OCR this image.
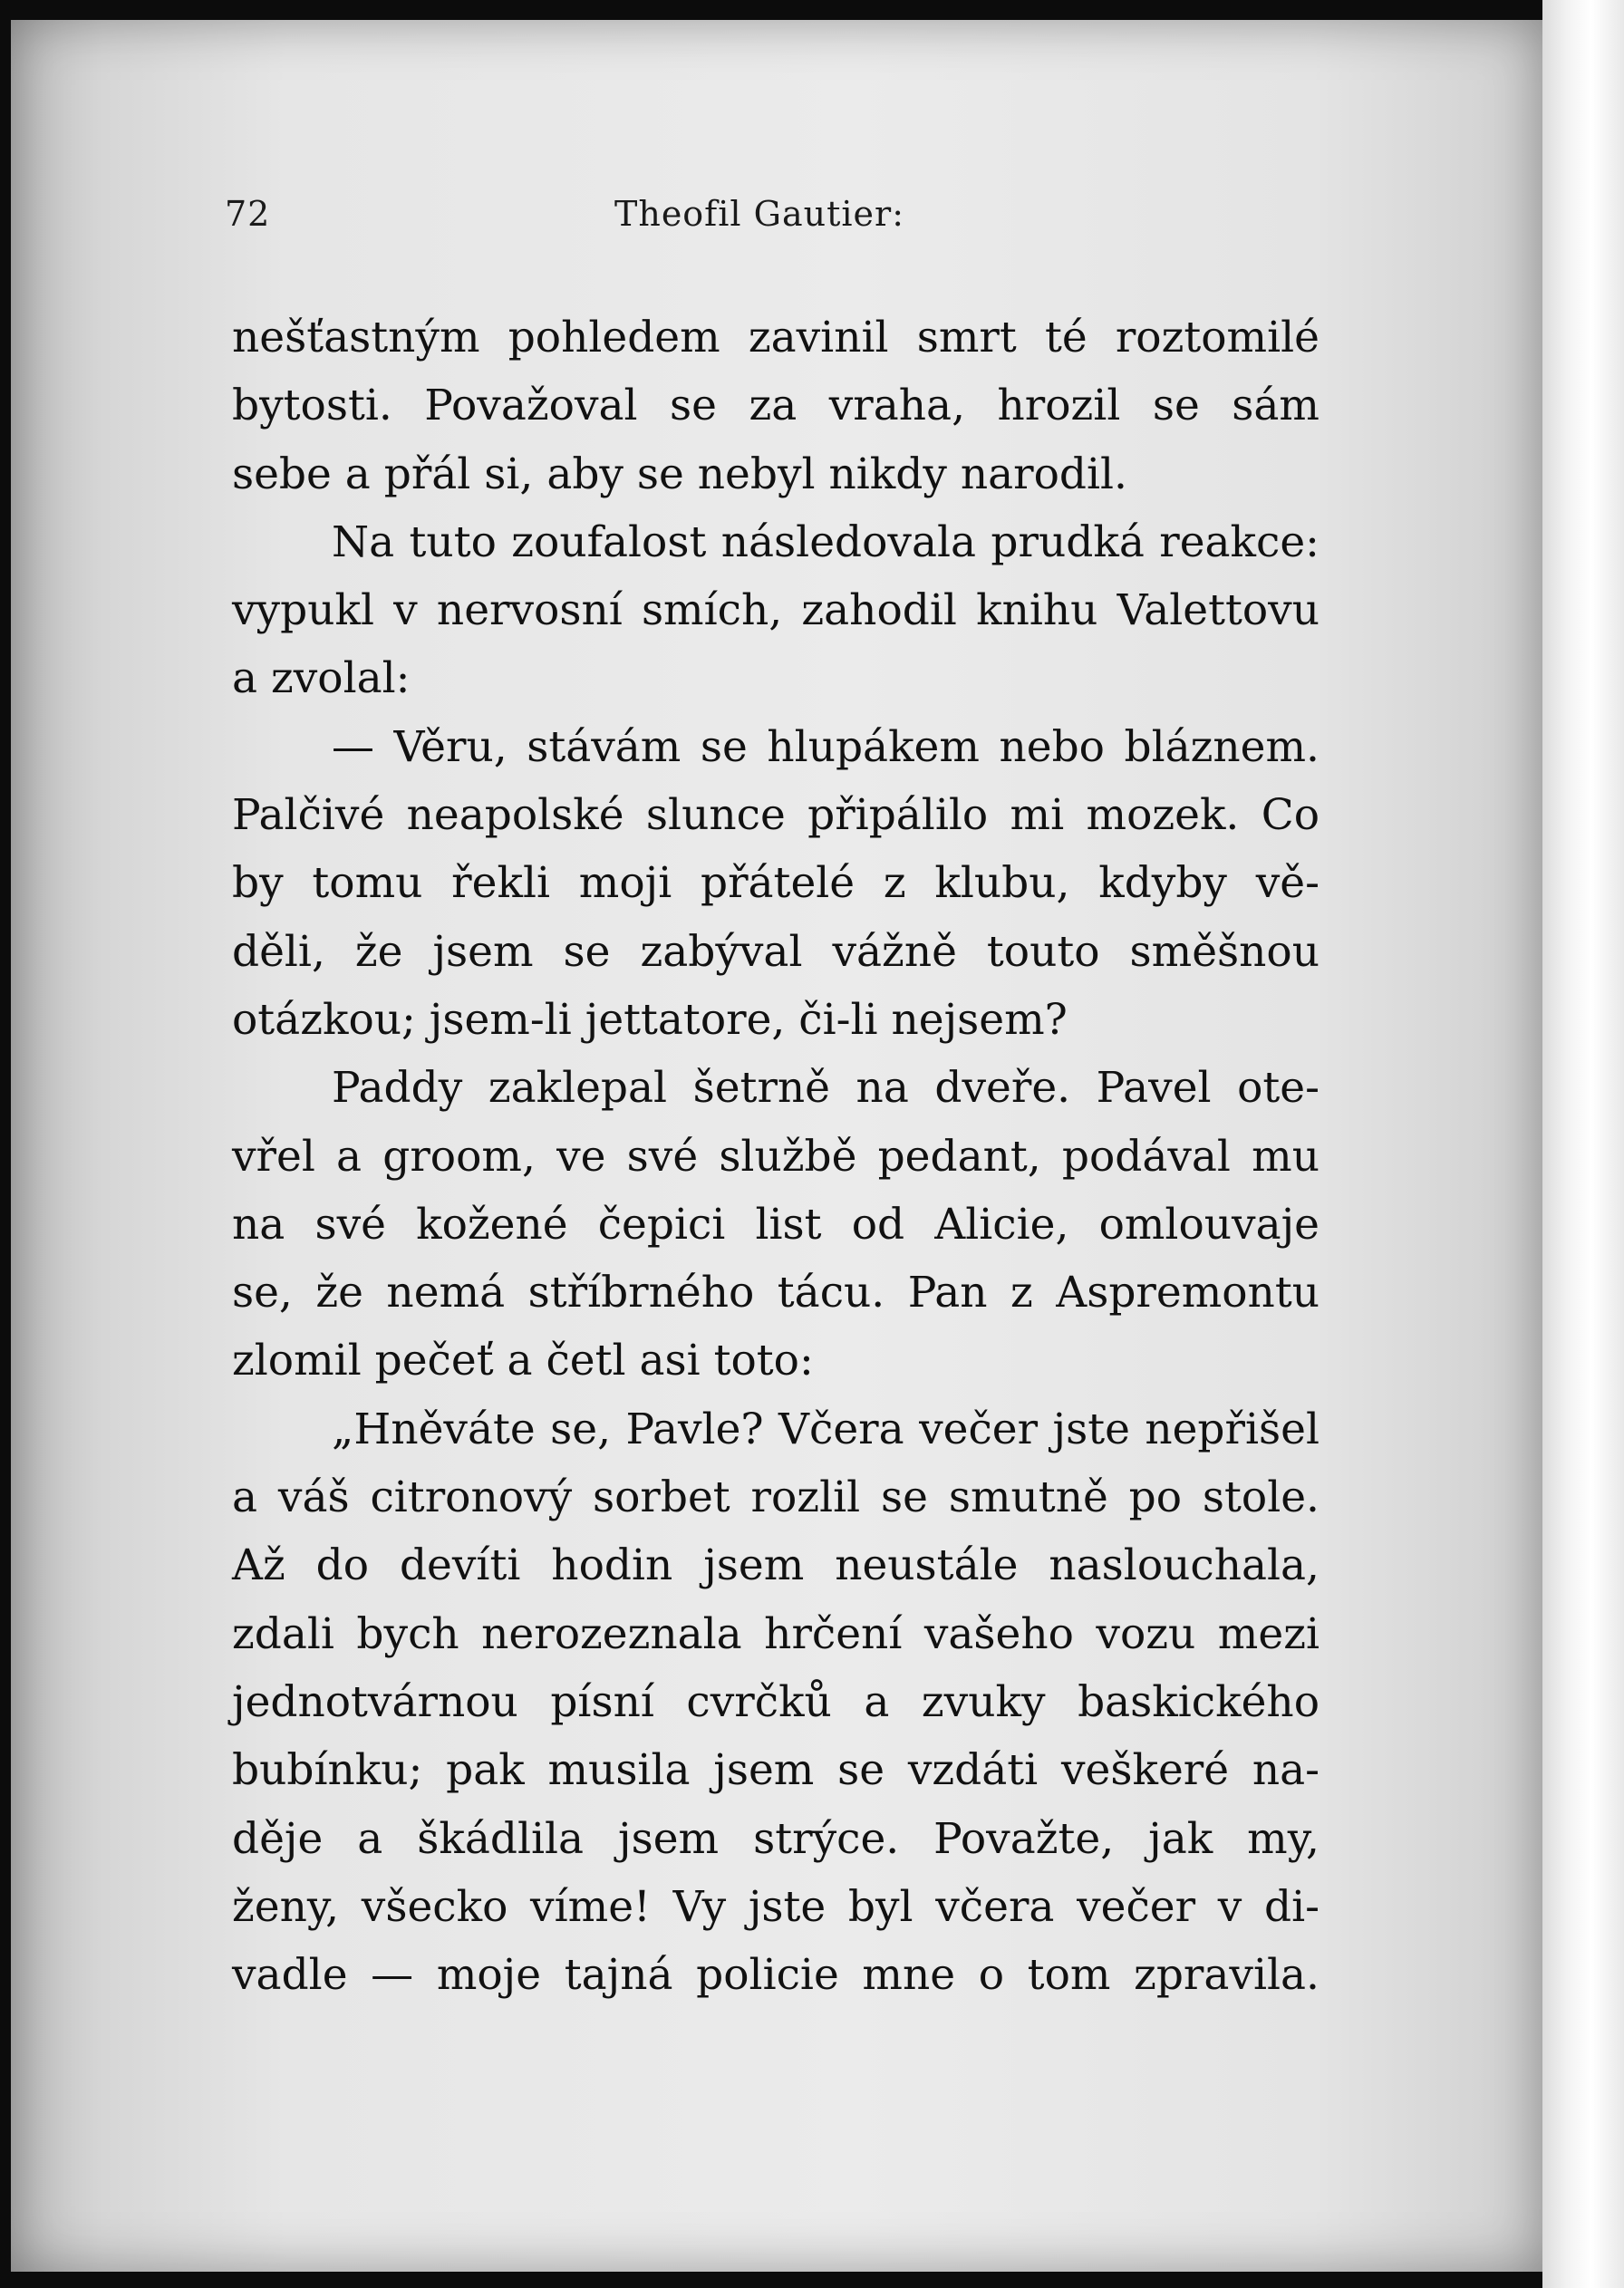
72	Theofil Gautier:
nešťastným pohledem zavinil smrt té roztomilé
bytosti. Považoval se za vraha, hrozil se sám
sebe a přál si, aby se nebyl nikdy narodil.
Na tuto zoufalost následovala prudká reakce:
vypukl v nervosní smích, zahodil knihu Valettovu
a zvolal:
— Věru, stávám se hlupákem nebo bláznem.
Palčivé neapolské slunce připálilo mi mozek. Co
by tomu řekli moji přátelé z klubu, kdyby vě-
děli, že jsem se zabýval vážně touto směšnou
otázkou; jsem-li jettatore, či-li nejsem?
Paddy zaklepal šetrně na dveře. Pavel ote-
vřel a groom, ve své službě pedant, podával mu
na své kožené čepici list od Alicie, omlouvaje
se, že nemá stříbrného tácu. Pan z Aspremontu
zlomil pečeť a četl asi toto:
„Hněváte se, Pavle? Včera večer jste nepřišel
a váš citronový sorbet rozlil se smutně po stole.
Až do devíti hodin jsem neustále naslouchala,
zdali bych nerozeznala hrčení vašeho vozu mezi
jednotvárnou písní cvrčků a zvuky baskického
bubínku; pak musila jsem se vzdáti veškeré na-
děje a škádlila jsem strýce. Považte, jak my,
ženy, všecko víme! Vy jste byl včera večer v di-
vadle — moje tajná policie mne o tom zpravila.
